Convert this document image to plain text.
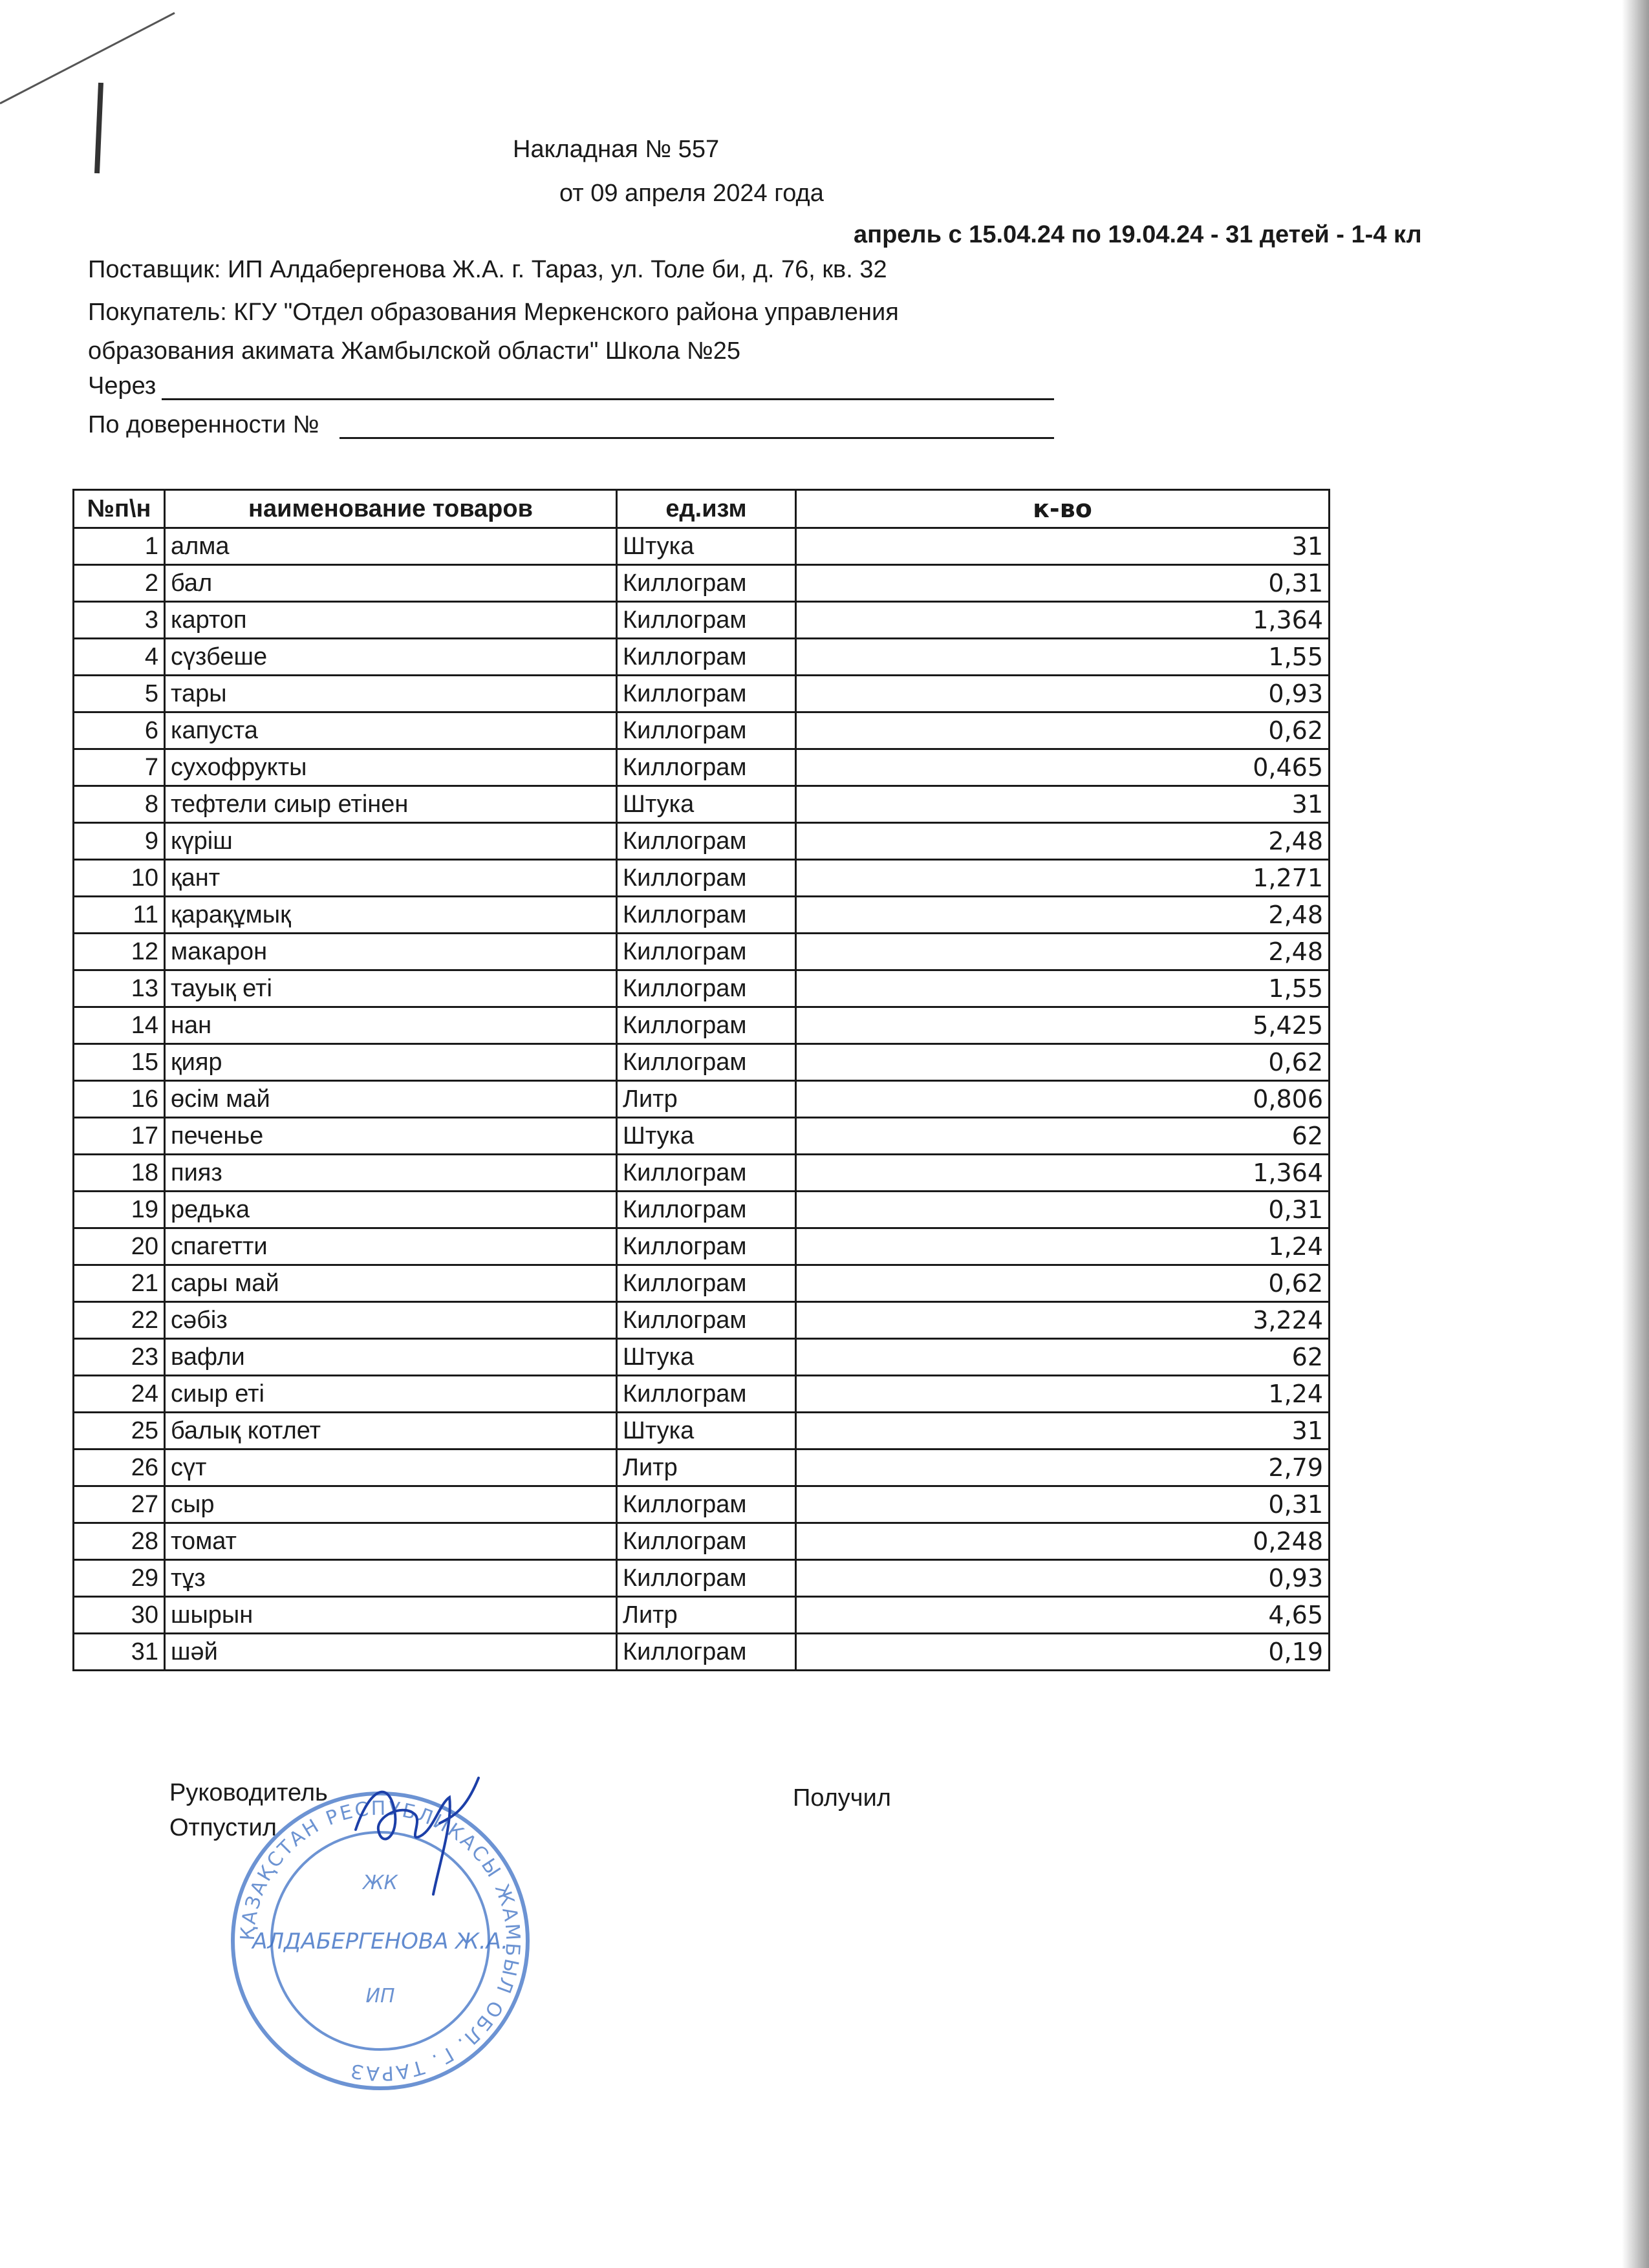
Накладная № 557
от 09 апреля 2024 года
апрель с 15.04.24 по 19.04.24 - 31 детей - 1-4 кл
Поставщик: ИП Алдабергенова Ж.А. г. Тараз, ул. Толе би, д. 76, кв. 32
Покупатель: КГУ "Отдел образования Меркенского района управления
образования акимата Жамбылской области" Школа №25
Через
По доверенности №
№п\н	наименование товаров	ед.изм	к-во
1	алма	Штука	31
2	бал	Киллограм	0,31
3	картоп	Киллограм	1,364
4	сүзбеше	Киллограм	1,55
5	тары	Киллограм	0,93
6	капуста	Киллограм	0,62
7	сухофрукты	Киллограм	0,465
8	тефтели сиыр етінен	Штука	31
9	күріш	Киллограм	2,48
10	қант	Киллограм	1,271
11	қарақұмық	Киллограм	2,48
12	макарон	Киллограм	2,48
13	тауық еті	Киллограм	1,55
14	нан	Киллограм	5,425
15	қияр	Киллограм	0,62
16	өсім май	Литр	0,806
17	печенье	Штука	62
18	пияз	Киллограм	1,364
19	редька	Киллограм	0,31
20	спагетти	Киллограм	1,24
21	сары май	Киллограм	0,62
22	сәбіз	Киллограм	3,224
23	вафли	Штука	62
24	сиыр еті	Киллограм	1,24
25	балық котлет	Штука	31
26	сүт	Литр	2,79
27	сыр	Киллограм	0,31
28	томат	Киллограм	0,248
29	тұз	Киллограм	0,93
30	шырын	Литр	4,65
31	шәй	Киллограм	0,19
Руководитель
Отпустил
Получил
ҚАЗАҚСТАН РЕСПУБЛИКАСЫ ЖАМБЫЛ ОБЛ. Г. ТАРАЗ
ЖК
АЛДАБЕРГЕНОВА Ж.А.
ИП
